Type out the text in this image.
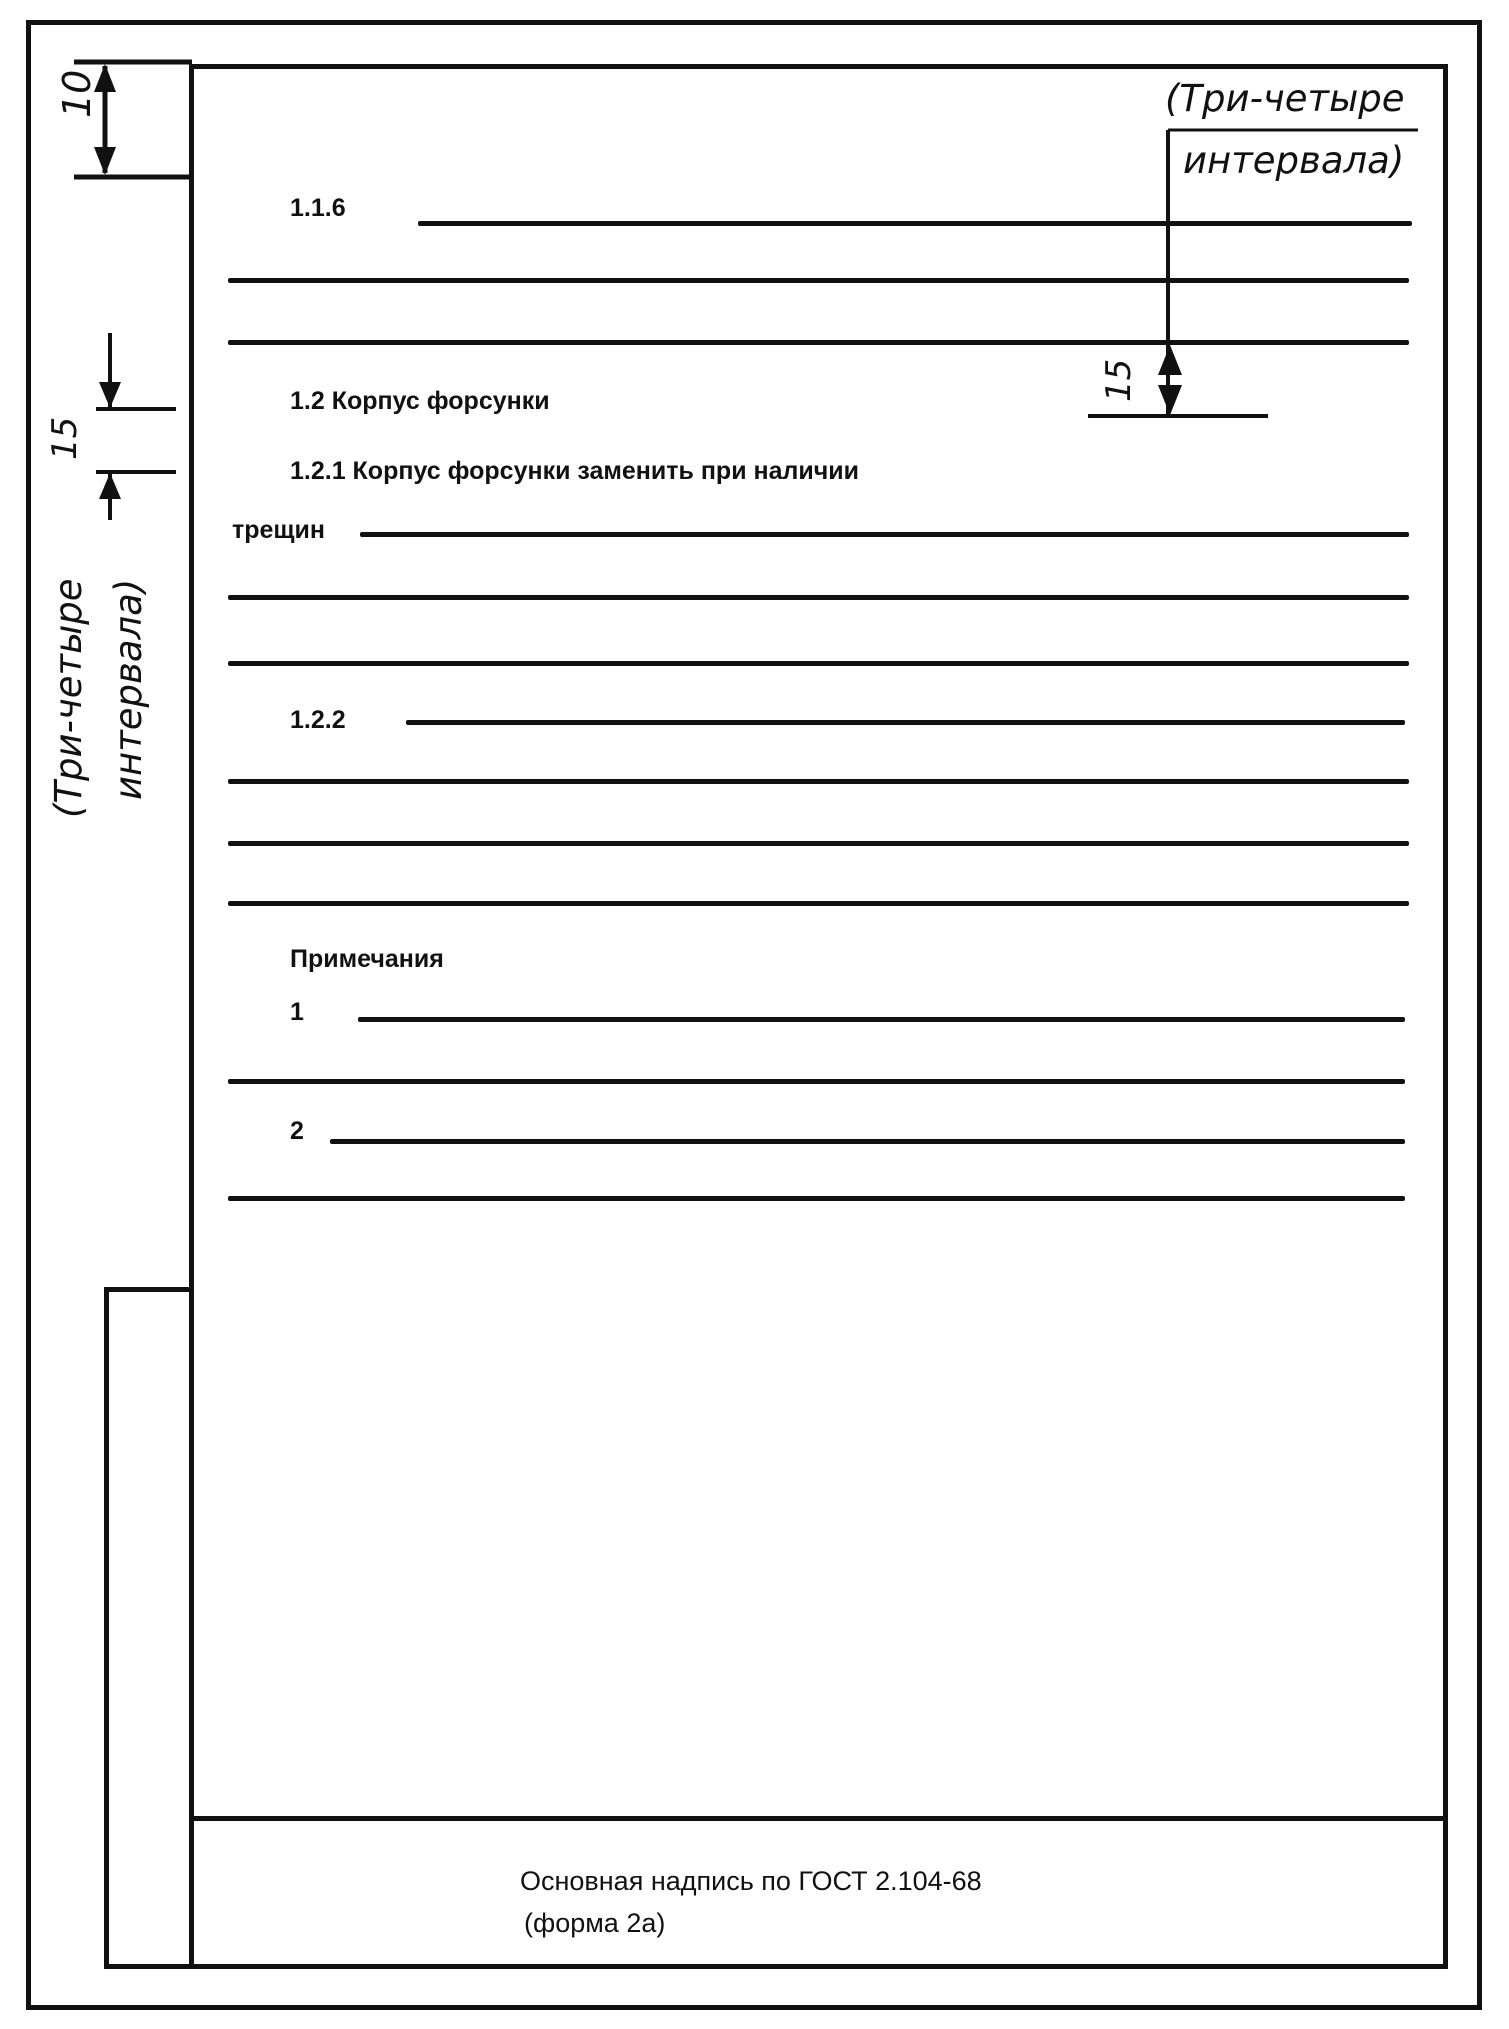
10
15
15
(Три-четыре
интервала)
(Три-четыре интервала)
1.1.6
1.2 Корпус форсунки
1.2.1 Корпус форсунки заменить при наличии
трещин
1.2.2
Примечания
1
2
Основная надпись по ГОСТ 2.104-68
(форма 2а)
